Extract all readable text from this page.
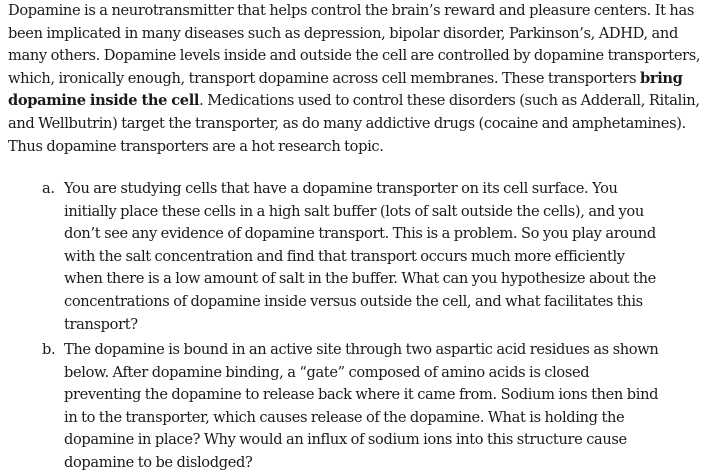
Dopamine is a neurotransmitter that helps control the brain’s reward and pleasure centers. It has been implicated in many diseases such as depression, bipolar disorder, Parkinson’s, ADHD, and many others. Dopamine levels inside and outside the cell are controlled by dopamine transporters, which, ironically enough, transport dopamine across cell membranes. These transporters bring dopamine inside the cell. Medications used to control these disorders (such as Adderall, Ritalin, and Wellbutrin) target the transporter, as do many addictive drugs (cocaine and amphetamines). Thus dopamine transporters are a hot research topic.

a. You are studying cells that have a dopamine transporter on its cell surface. You initially place these cells in a high salt buffer (lots of salt outside the cells), and you don’t see any evidence of dopamine transport. This is a problem. So you play around with the salt concentration and find that transport occurs much more efficiently when there is a low amount of salt in the buffer. What can you hypothesize about the concentrations of dopamine inside versus outside the cell, and what facilitates this transport?

b. The dopamine is bound in an active site through two aspartic acid residues as shown below. After dopamine binding, a “gate” composed of amino acids is closed preventing the dopamine to release back where it came from. Sodium ions then bind in to the transporter, which causes release of the dopamine. What is holding the dopamine in place? Why would an influx of sodium ions into this structure cause dopamine to be dislodged?
